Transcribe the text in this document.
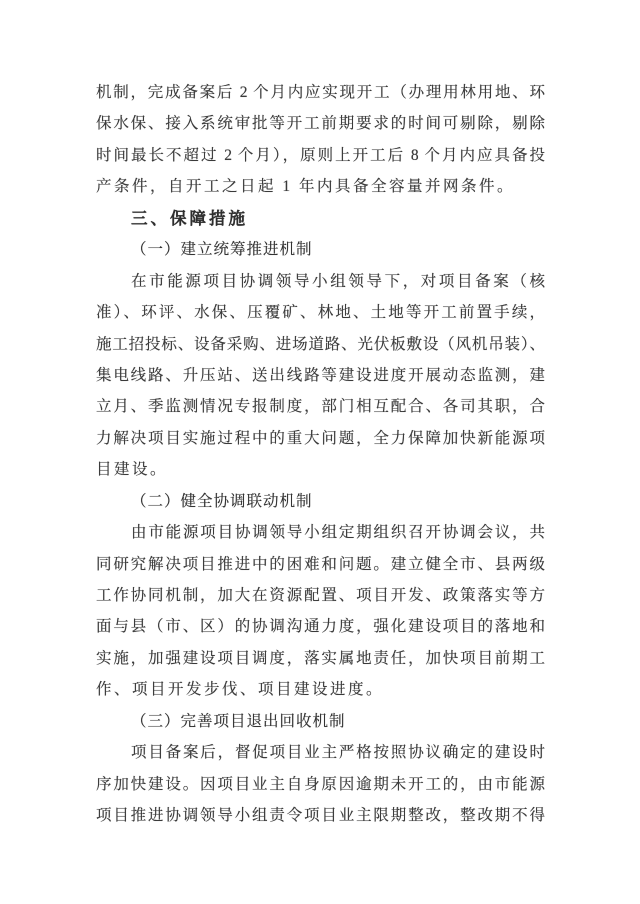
机制，完成备案后 2 个月内应实现开工（办理用林用地、环
保水保、接入系统审批等开工前期要求的时间可剔除，剔除
时间最长不超过 2 个月），原则上开工后 8 个月内应具备投
产条件，自开工之日起 1 年内具备全容量并网条件。
三、保障措施
（一）建立统筹推进机制
在市能源项目协调领导小组领导下，对项目备案（核
准）、环评、水保、压覆矿、林地、土地等开工前置手续，
施工招投标、设备采购、进场道路、光伏板敷设（风机吊装）、
集电线路、升压站、送出线路等建设进度开展动态监测，建
立月、季监测情况专报制度，部门相互配合、各司其职，合
力解决项目实施过程中的重大问题，全力保障加快新能源项
目建设。
（二）健全协调联动机制
由市能源项目协调领导小组定期组织召开协调会议，共
同研究解决项目推进中的困难和问题。建立健全市、县两级
工作协同机制，加大在资源配置、项目开发、政策落实等方
面与县（市、区）的协调沟通力度，强化建设项目的落地和
实施，加强建设项目调度，落实属地责任，加快项目前期工
作、项目开发步伐、项目建设进度。
（三）完善项目退出回收机制
项目备案后，督促项目业主严格按照协议确定的建设时
序加快建设。因项目业主自身原因逾期未开工的，由市能源
项目推进协调领导小组责令项目业主限期整改，整改期不得
